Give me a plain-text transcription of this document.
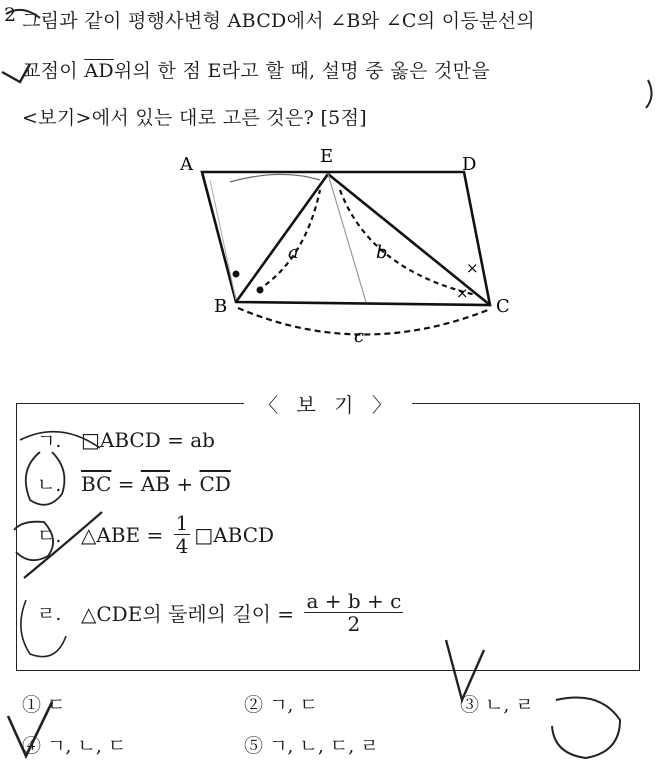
2 그림과 같이 평행사변형 ABCD에서 ∠B와 ∠C의 이등분선의
교점이 $\overline{AD}$위의 한 점 E라고 할 때, 설명 중 옳은 것만을
<보기>에서 있는 대로 고른 것은? [5점]
×
×
A	E	D
B	C
a	b
c
〈 보 기 〉
ㄱ. □ABCD = ab
ㄴ. $\overline{BC} = \overline{AB} + \overline{CD}$
ㄷ. △ABE = $\frac{1}{4}$ □ABCD
ㄹ. △CDE의 둘레의 길이 = $\frac{a + b + c}{2}$
① ㄷ	② ㄱ, ㄷ	③ ㄴ, ㄹ
④ ㄱ, ㄴ, ㄷ	⑤ ㄱ, ㄴ, ㄷ, ㄹ
